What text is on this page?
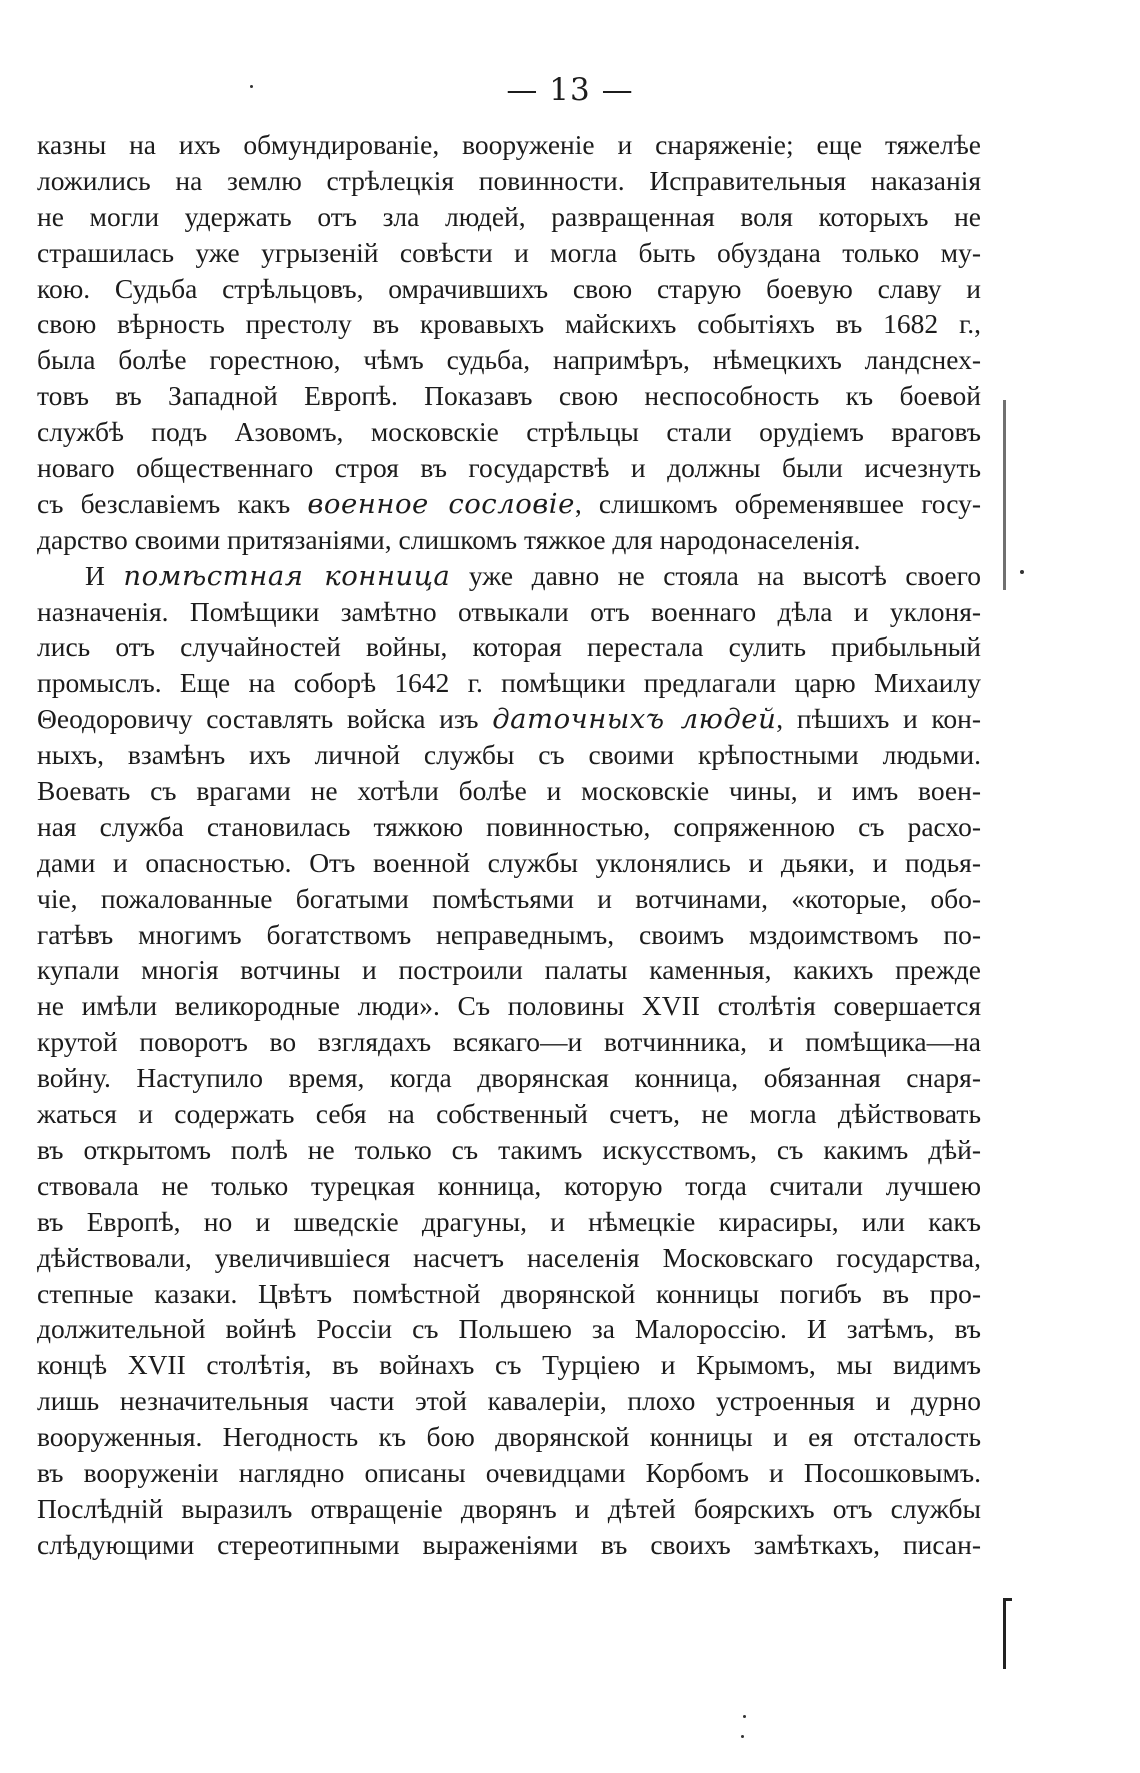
— 13 —
казны на ихъ обмундированіе, вооруженіе и снаряженіе; еще тяжелѣе
ложились на землю стрѣлецкія повинности. Исправительныя наказанія
не могли удержать отъ зла людей, развращенная воля которыхъ не
страшилась уже угрызеній совѣсти и могла быть обуздана только му-
кою. Судьба стрѣльцовъ, омрачившихъ свою старую боевую славу и
свою вѣрность престолу въ кровавыхъ майскихъ событіяхъ въ 1682 г.,
была болѣе горестною, чѣмъ судьба, напримѣръ, нѣмецкихъ ландснех-
товъ въ Западной Европѣ. Показавъ свою неспособность къ боевой
службѣ подъ Азовомъ, московскіе стрѣльцы стали орудіемъ враговъ
новаго общественнаго строя въ государствѣ и должны были исчезнуть
съ безславіемъ какъ военное сословіе, слишкомъ обременявшее госу-
дарство своими притязаніями, слишкомъ тяжкое для народонаселенія.
И помѣстная конница уже давно не стояла на высотѣ своего
назначенія. Помѣщики замѣтно отвыкали отъ военнаго дѣла и уклоня-
лись отъ случайностей войны, которая перестала сулить прибыльный
промыслъ. Еще на соборѣ 1642 г. помѣщики предлагали царю Михаилу
Θеодоровичу составлять войска изъ даточныхъ людей, пѣшихъ и кон-
ныхъ, взамѣнъ ихъ личной службы съ своими крѣпостными людьми.
Воевать съ врагами не хотѣли болѣе и московскіе чины, и имъ воен-
ная служба становилась тяжкою повинностью, сопряженною съ расхо-
дами и опасностью. Отъ военной службы уклонялись и дьяки, и подья-
чіе, пожалованные богатыми помѣстьями и вотчинами, «которые, обо-
гатѣвъ многимъ богатствомъ неправеднымъ, своимъ мздоимствомъ по-
купали многія вотчины и построили палаты каменныя, какихъ прежде
не имѣли великородные люди». Съ половины XVII столѣтія совершается
крутой поворотъ во взглядахъ всякаго—и вотчинника, и помѣщика—на
войну. Наступило время, когда дворянская конница, обязанная снаря-
жаться и содержать себя на собственный счетъ, не могла дѣйствовать
въ открытомъ полѣ не только съ такимъ искусствомъ, съ какимъ дѣй-
ствовала не только турецкая конница, которую тогда считали лучшею
въ Европѣ, но и шведскіе драгуны, и нѣмецкіе кирасиры, или какъ
дѣйствовали, увеличившіеся насчетъ населенія Московскаго государства,
степные казаки. Цвѣтъ помѣстной дворянской конницы погибъ въ про-
должительной войнѣ Россіи съ Польшею за Малороссію. И затѣмъ, въ
концѣ XVII столѣтія, въ войнахъ съ Турціею и Крымомъ, мы видимъ
лишь незначительныя части этой кавалеріи, плохо устроенныя и дурно
вооруженныя. Негодность къ бою дворянской конницы и ея отсталость
въ вооруженіи наглядно описаны очевидцами Корбомъ и Посошковымъ.
Послѣдній выразилъ отвращеніе дворянъ и дѣтей боярскихъ отъ службы
слѣдующими стереотипными выраженіями въ своихъ замѣткахъ, писан-
